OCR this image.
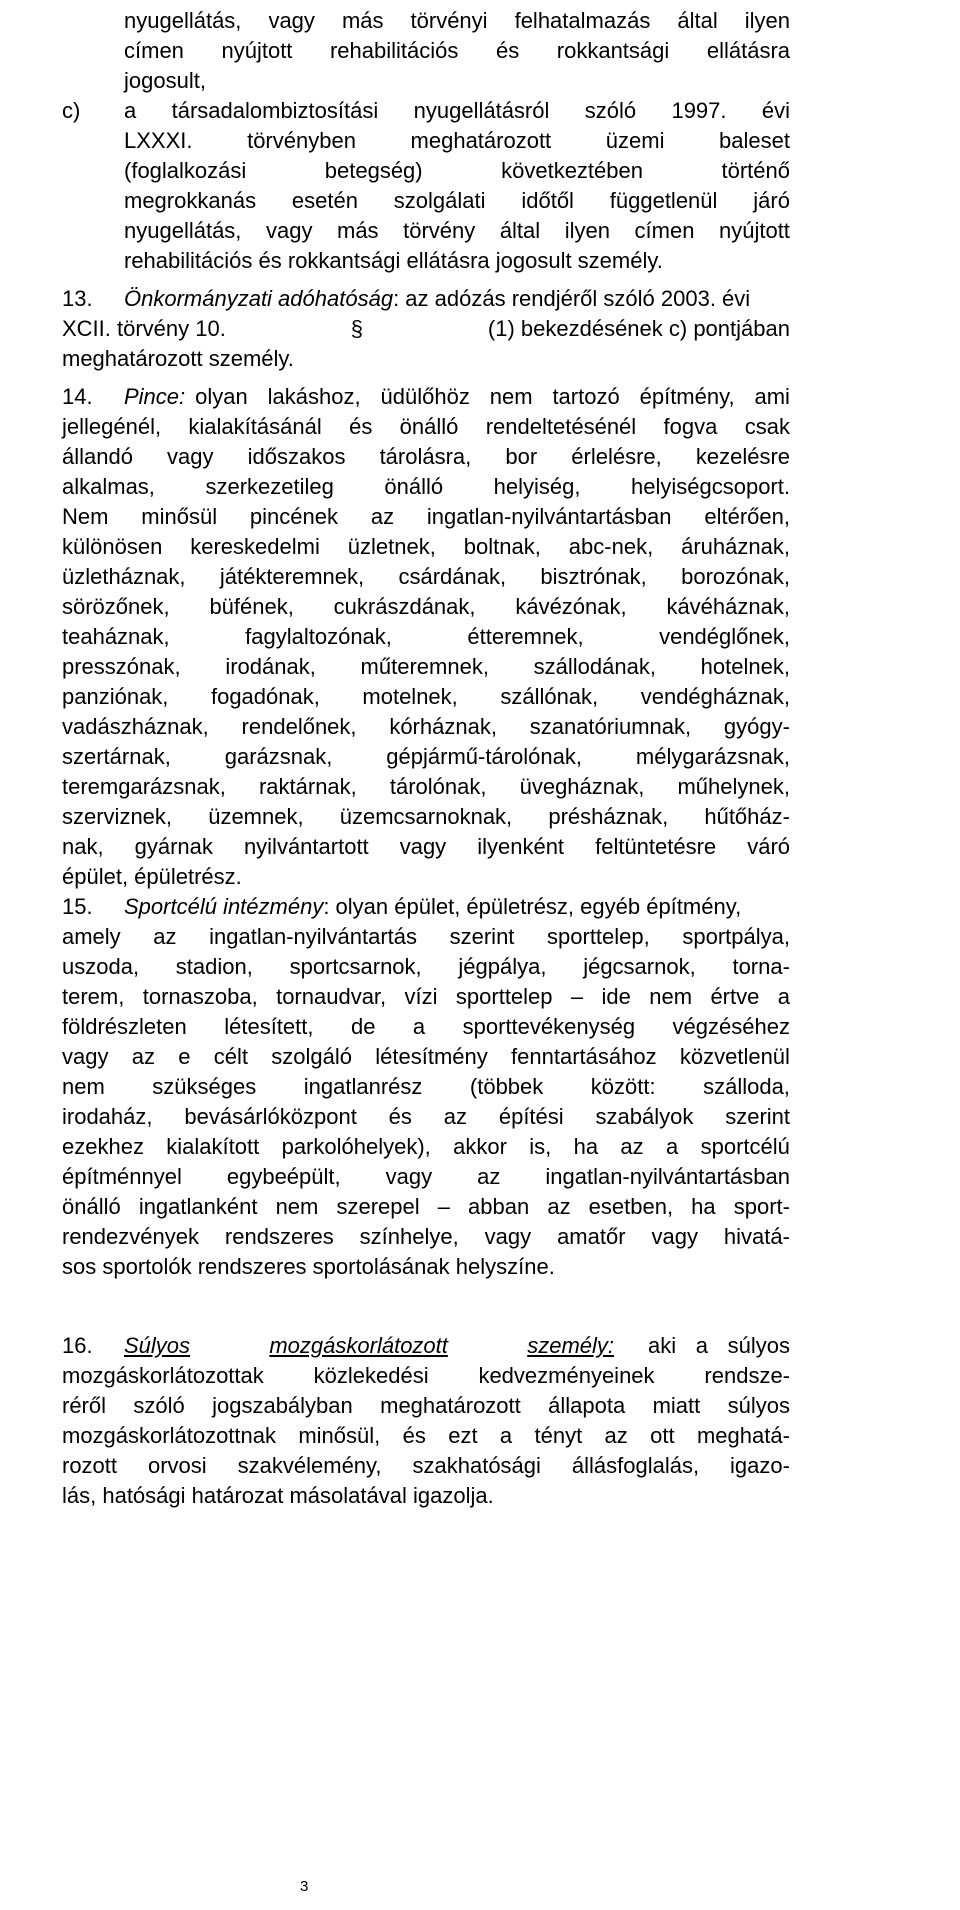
nyugellátás, vagy más törvényi felhatalmazás által ilyen
címen nyújtott rehabilitációs és rokkantsági ellátásra
jogosult,
c) a társadalombiztosítási nyugellátásról szóló 1997. évi
LXXXI. törvényben meghatározott üzemi baleset
(foglalkozási	betegség)	következtében	történő
megrokkanás esetén szolgálati időtől függetlenül járó
nyugellátás, vagy más törvény által ilyen címen nyújtott
rehabilitációs és rokkantsági ellátásra jogosult személy.
13. Önkormányzati adóhatóság: az adózás rendjéről szóló 2003. évi
XCII. törvény 10.	§	(1) bekezdésének c) pontjában
meghatározott személy.
14. Pince: olyan lakáshoz, üdülőhöz nem tartozó építmény, ami
jellegénél, kialakításánál és önálló rendeltetésénél fogva csak
állandó vagy időszakos tárolásra, bor érlelésre, kezelésre
alkalmas, szerkezetileg önálló helyiség, helyiségcsoport.
Nem minősül pincének az ingatlan-nyilvántartásban eltérően,
különösen kereskedelmi üzletnek, boltnak, abc-nek, áruháznak,
üzletháznak, játékteremnek, csárdának, bisztrónak, borozónak,
sörözőnek, büfének, cukrászdának, kávézónak, kávéháznak,
teaháznak,	fagylaltozónak,	étteremnek,	vendéglőnek,
presszónak, irodának, műteremnek, szállodának, hotelnek,
panziónak, fogadónak, motelnek, szállónak, vendégháznak,
vadászháznak, rendelőnek, kórháznak, szanatóriumnak, gyógy-
szertárnak, garázsnak, gépjármű-tárolónak, mélygarázsnak,
teremgarázsnak, raktárnak, tárolónak, üvegháznak, műhelynek,
szerviznek, üzemnek, üzemcsarnoknak, présháznak, hűtőház-
nak, gyárnak nyilvántartott vagy ilyenként feltüntetésre váró
épület, épületrész.
15. Sportcélú intézmény: olyan épület, épületrész, egyéb építmény,
amely az ingatlan-nyilvántartás szerint sporttelep, sportpálya,
uszoda, stadion, sportcsarnok, jégpálya, jégcsarnok, torna-
terem, tornaszoba, tornaudvar, vízi sporttelep – ide nem értve a
földrészleten létesített, de a sporttevékenység végzéséhez
vagy az e célt szolgáló létesítmény fenntartásához közvetlenül
nem szükséges ingatlanrész (többek között: szálloda,
irodaház, bevásárlóközpont és az építési szabályok szerint
ezekhez kialakított parkolóhelyek), akkor is, ha az a sportcélú
építménnyel egybeépült, vagy az ingatlan-nyilvántartásban
önálló ingatlanként nem szerepel – abban az esetben, ha sport-
rendezvények rendszeres színhelye, vagy amatőr vagy hivatá-
sos sportolók rendszeres sportolásának helyszíne.
16. Súlyos	mozgáskorlátozott	személy: aki a súlyos
mozgáskorlátozottak közlekedési kedvezményeinek rendsze-
réről szóló jogszabályban meghatározott állapota miatt súlyos
mozgáskorlátozottnak minősül, és ezt a tényt az ott meghatá-
rozott orvosi szakvélemény, szakhatósági állásfoglalás, igazo-
lás, hatósági határozat másolatával igazolja.
3
